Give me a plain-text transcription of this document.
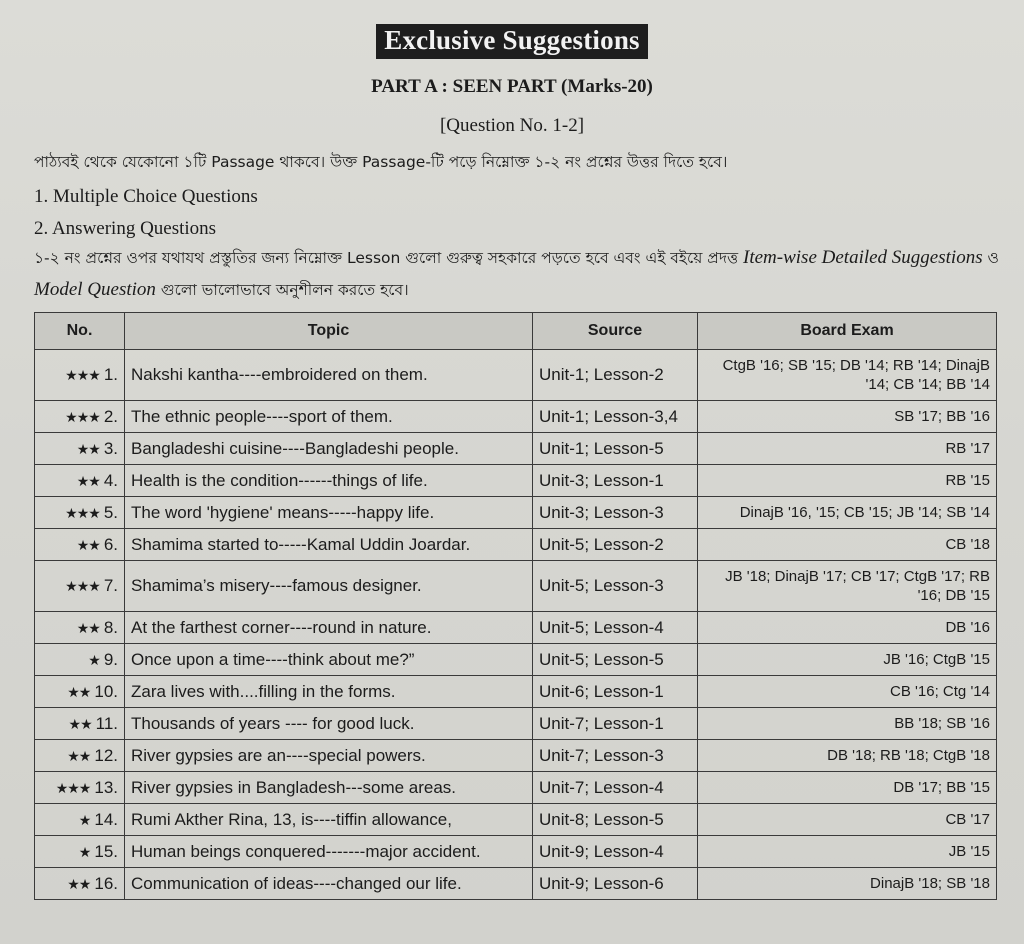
Exclusive Suggestions
PART A : SEEN PART (Marks-20)
[Question No. 1-2]
পাঠ্যবই থেকে যেকোনো ১টি Passage থাকবে। উক্ত Passage-টি পড়ে নিম্নোক্ত ১-২ নং প্রশ্নের উত্তর দিতে হবে।
1. Multiple Choice Questions
2. Answering Questions
১-২ নং প্রশ্নের ওপর যথাযথ প্রস্তুতির জন্য নিম্নোক্ত Lesson গুলো গুরুত্ব সহকারে পড়তে হবে এবং এই বইয়ে প্রদত্ত Item-wise Detailed Suggestions ও Model Question গুলো ভালোভাবে অনুশীলন করতে হবে।
No.	Topic	Source	Board Exam
★★★ 1.	Nakshi kantha----embroidered on them.	Unit-1; Lesson-2	CtgB '16; SB '15; DB '14; RB '14; DinajB '14; CB '14; BB '14
★★★ 2.	The ethnic people----sport of them.	Unit-1; Lesson-3,4	SB '17; BB '16
★★ 3.	Bangladeshi cuisine----Bangladeshi people.	Unit-1; Lesson-5	RB '17
★★ 4.	Health is the condition------things of life.	Unit-3; Lesson-1	RB '15
★★★ 5.	The word 'hygiene' means-----happy life.	Unit-3; Lesson-3	DinajB '16, '15; CB '15; JB '14; SB '14
★★ 6.	Shamima started to-----Kamal Uddin Joardar.	Unit-5; Lesson-2	CB '18
★★★ 7.	Shamima’s misery----famous designer.	Unit-5; Lesson-3	JB '18; DinajB '17; CB '17; CtgB '17; RB '16; DB '15
★★ 8.	At the farthest corner----round in nature.	Unit-5; Lesson-4	DB '16
★ 9.	Once upon a time----think about me?”	Unit-5; Lesson-5	JB '16; CtgB '15
★★ 10.	Zara lives with....filling in the forms.	Unit-6; Lesson-1	CB '16; Ctg '14
★★ 11.	Thousands of years ---- for good luck.	Unit-7; Lesson-1	BB '18; SB '16
★★ 12.	River gypsies are an----special powers.	Unit-7; Lesson-3	DB '18; RB '18; CtgB '18
★★★ 13.	River gypsies in Bangladesh---some areas.	Unit-7; Lesson-4	DB '17; BB '15
★ 14.	Rumi Akther Rina, 13, is----tiffin allowance,	Unit-8; Lesson-5	CB '17
★ 15.	Human beings conquered-------major accident.	Unit-9; Lesson-4	JB '15
★★ 16.	Communication of ideas----changed our life.	Unit-9; Lesson-6	DinajB '18; SB '18
